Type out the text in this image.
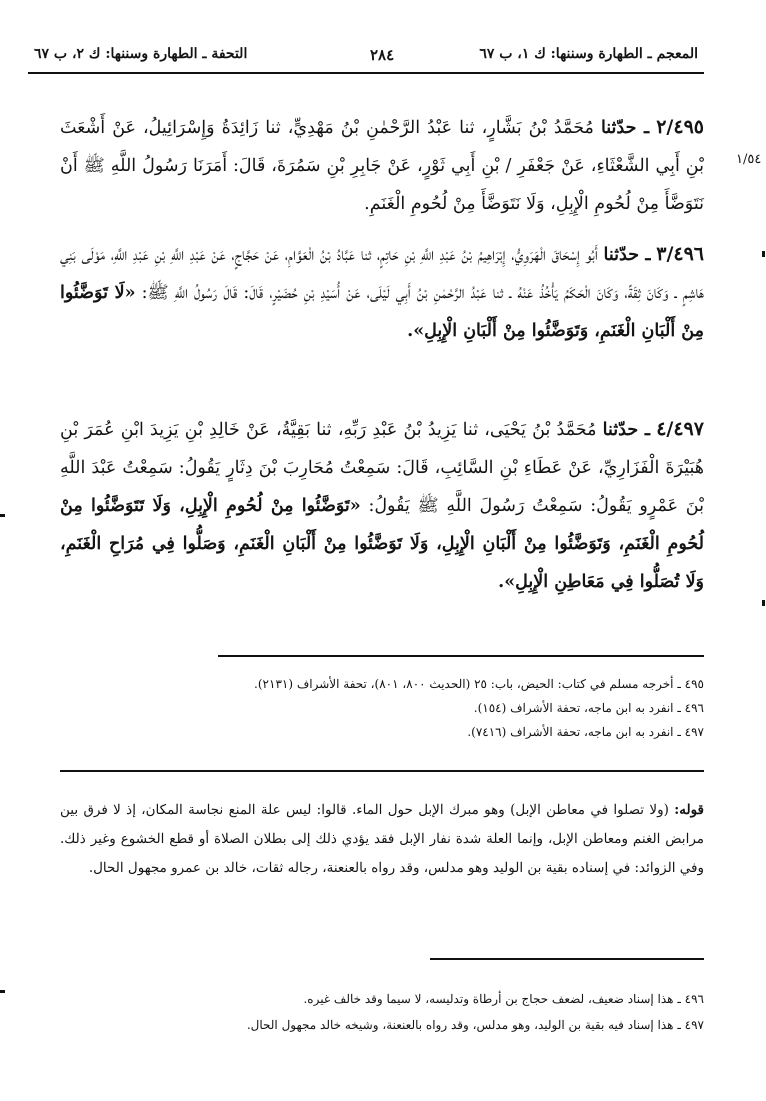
المعجم ـ الطهارة وسننها: ك ١، ب ٦٧
٢٨٤
التحفة ـ الطهارة وسننها: ك ٢، ب ٦٧
١/٥٤
٢/٤٩٥ ـ حدّثنا مُحَمَّدُ بْنُ بَشَّارٍ، ثنا عَبْدُ الرَّحْمٰنِ بْنُ مَهْدِيٍّ، ثنا زَائِدَةُ وَإِسْرَائِيلُ، عَنْ أَشْعَثَ بْنِ أَبِي الشَّعْثَاءِ، عَنْ جَعْفَرِ / بْنِ أَبِي ثَوْرٍ، عَنْ جَابِرِ بْنِ سَمُرَةَ، قَالَ: أَمَرَنَا رَسُولُ اللَّهِ ﷺ أَنْ نَتَوَضَّأَ مِنْ لُحُومِ الْإِبِلِ، وَلَا نَتَوَضَّأَ مِنْ لُحُومِ الْغَنَمِ.
٣/٤٩٦ ـ حدّثنا أَبُو إِسْحَاقَ الْهَرَوِيُّ، إِبْرَاهِيمُ بْنُ عَبْدِ اللَّهِ بْنِ حَاتِمٍ، ثنا عَبَّادُ بْنُ الْعَوَّامِ، عَنْ حَجَّاجٍ، عَنْ عَبْدِ اللَّهِ بْنِ عَبْدِ اللَّهِ، مَوْلَى بَنِي هَاشِمٍ ـ وَكَانَ ثِقَةً، وَكَانَ الْحَكَمُ يَأْخُذُ عَنْهُ ـ ثنا عَبْدُ الرَّحْمٰنِ بْنُ أَبِي لَيْلَى، عَنْ أُسَيْدِ بْنِ حُضَيْرٍ، قَالَ: قَالَ رَسُولُ اللَّهِ ﷺ: «لَا تَوَضَّئُوا مِنْ أَلْبَانِ الْغَنَمِ، وَتَوَضَّئُوا مِنْ أَلْبَانِ الْإِبِلِ».
٤/٤٩٧ ـ حدّثنا مُحَمَّدُ بْنُ يَحْيَى، ثنا يَزِيدُ بْنُ عَبْدِ رَبِّهِ، ثنا بَقِيَّةُ، عَنْ خَالِدِ بْنِ يَزِيدَ ابْنِ عُمَرَ بْنِ هُبَيْرَةَ الْفَزَارِيِّ، عَنْ عَطَاءِ بْنِ السَّائِبِ، قَالَ: سَمِعْتُ مُحَارِبَ بْنَ دِثَارٍ يَقُولُ: سَمِعْتُ عَبْدَ اللَّهِ بْنَ عَمْرٍو يَقُولُ: سَمِعْتُ رَسُولَ اللَّهِ ﷺ يَقُولُ: «تَوَضَّئُوا مِنْ لُحُومِ الْإِبِلِ، وَلَا تَتَوَضَّئُوا مِنْ لُحُومِ الْغَنَمِ، وَتَوَضَّئُوا مِنْ أَلْبَانِ الْإِبِلِ، وَلَا تَوَضَّئُوا مِنْ أَلْبَانِ الْغَنَمِ، وَصَلُّوا فِي مُرَاحِ الْغَنَمِ، وَلَا تُصَلُّوا فِي مَعَاطِنِ الْإِبِلِ».
٤٩٥ ـ أخرجه مسلم في كتاب: الحيض، باب: ٢٥ (الحديث ٨٠٠، ٨٠١)، تحفة الأشراف (٢١٣١).
٤٩٦ ـ انفرد به ابن ماجه، تحفة الأشراف (١٥٤).
٤٩٧ ـ انفرد به ابن ماجه، تحفة الأشراف (٧٤١٦).
قوله: (ولا تصلوا في معاطن الإبل) وهو مبرك الإبل حول الماء. قالوا: ليس علة المنع نجاسة المكان، إذ لا فرق بين مرابض الغنم ومعاطن الإبل، وإنما العلة شدة نفار الإبل فقد يؤدي ذلك إلى بطلان الصلاة أو قطع الخشوع وغير ذلك. وفي الزوائد: في إسناده بقية بن الوليد وهو مدلس، وقد رواه بالعنعنة، رجاله ثقات، خالد بن عمرو مجهول الحال.
٤٩٦ ـ هذا إسناد ضعيف، لضعف حجاج بن أرطاة وتدليسه، لا سيما وقد خالف غيره.
٤٩٧ ـ هذا إسناد فيه بقية بن الوليد، وهو مدلس، وقد رواه بالعنعنة، وشيخه خالد مجهول الحال.
